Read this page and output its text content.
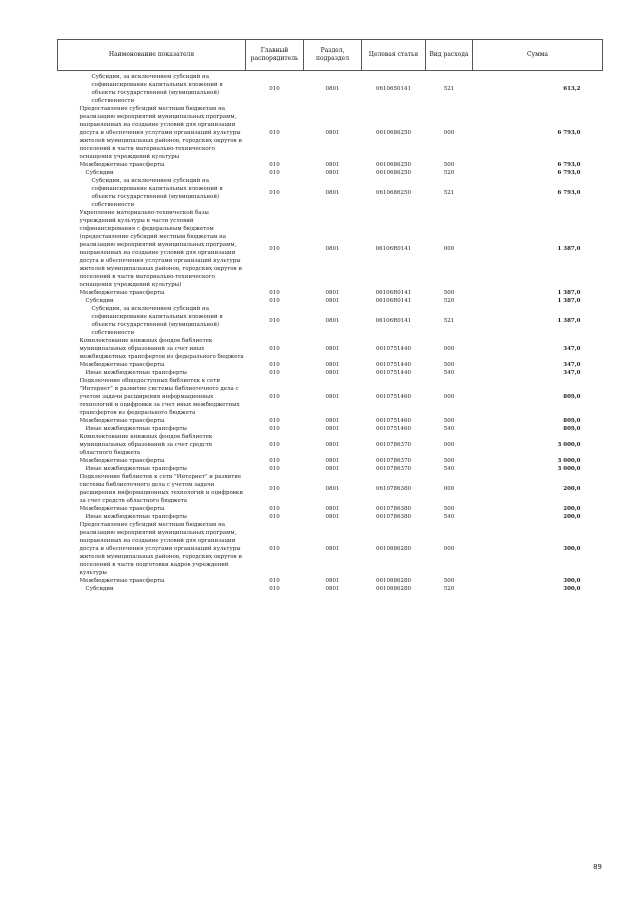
Наименование показателя	Главный распорядитель	Раздел, подраздел	Целевая статья	Вид расхода	Сумма
Субсидии, за исключением субсидий на софинансирование капитальных вложений в объекты государственной (муниципальной) собственности	010	0801	0610650141	521	613,2
Предоставление субсидий местным бюджетам на реализацию мероприятий муниципальных программ, направленных на создание условий для организации досуга и обеспечения услугами организаций культуры жителей муниципальных районов, городских округов и поселений в части материально-технического оснащения учреждений культуры	010	0801	0610686250	000	6 793,0
Межбюджетные трансферты	010	0801	0610686250	500	6 793,0
Субсидии	010	0801	0610686250	520	6 793,0
Субсидии, за исключением субсидий на софинансирование капитальных вложений в объекты государственной (муниципальной) собственности	010	0801	0610686250	521	6 793,0
Укрепление материально-технической базы учреждений культуры в части условий софинансирования с федеральным бюджетом (предоставление субсидий местным бюджетам на реализацию мероприятий муниципальных программ, направленных на создание условий для организации досуга и обеспечения услугами организаций культуры жителей муниципальных районов, городских округов и поселений в части материально-технического оснащения учреждений культуры)	010	0801	06106R0141	000	1 387,0
Межбюджетные трансферты	010	0801	06106R0141	500	1 387,0
Субсидии	010	0801	06106R0141	520	1 387,0
Субсидии, за исключением субсидий на софинансирование капитальных вложений в объекты государственной (муниципальной) собственности	010	0801	06106R0141	521	1 387,0
Комплектование книжных фондов библиотек муниципальных образований за счет иных межбюджетных трансфертов из федерального бюджета	010	0801	0610751440	000	347,0
Межбюджетные трансферты	010	0801	0610751440	500	347,0
Иные межбюджетные трансферты	010	0801	0610751440	540	347,0
Подключение общедоступных библиотек к сети "Интернет" и развитие системы библиотечного дела с учетом задачи расширения информационных технологий и оцифровки за счет иных межбюджетных трансфертов из федерального бюджета	010	0801	0610751460	000	809,0
Межбюджетные трансферты	010	0801	0610751460	500	809,0
Иные межбюджетные трансферты	010	0801	0610751460	540	809,0
Комплектование книжных фондов библиотек муниципальных образований за счет средств областного бюджета	010	0801	0610786370	000	3 000,0
Межбюджетные трансферты	010	0801	0610786370	500	3 000,0
Иные межбюджетные трансферты	010	0801	0610786370	540	3 000,0
Подключение библиотек к сети "Интернет" и развитие системы библиотечного дела с учетом задачи расширения информационных технологий и оцифровки за счет средств областного бюджета	010	0801	0610786380	000	200,0
Межбюджетные трансферты	010	0801	0610786380	500	200,0
Иные межбюджетные трансферты	010	0801	0610786380	540	200,0
Предоставление субсидий местным бюджетам на реализацию мероприятий муниципальных программ, направленных на создание условий для организации досуга и обеспечения услугами организаций культуры жителей муниципальных районов, городских округов и поселений в части подготовки кадров учреждений культуры	010	0801	0610886280	000	300,0
Межбюджетные трансферты	010	0801	0610886280	500	300,0
Субсидии	010	0801	0610886280	520	300,0
89
